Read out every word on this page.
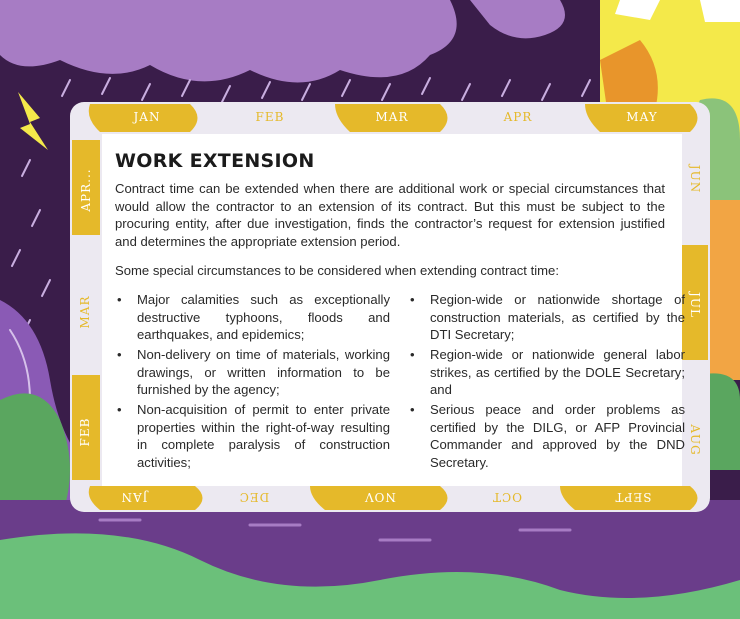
JAN	FEB	MAR	APR	MAY
JUN
JUL
AUG
SEPT
OCT
NOV
DEC
JAN
APR...
MAR
FEB
WORK EXTENSION
Contract time can be extended when there are additional work or special circumstances that would allow the contractor to an extension of its contract. But this must be subject to the procuring entity, after due investigation, finds the contractor’s request for extension justified and determines the appropriate extension period.
Some special circumstances to be considered when extending contract time:
• Major calamities such as exceptionally destructive typhoons, floods and earthquakes, and epidemics;
• Non-delivery on time of materials, working drawings, or written information to be furnished by the agency;
• Non-acquisition of permit to enter private properties within the right-of-way resulting in complete paralysis of construction activities;
• Region-wide or nationwide shortage of construction materials, as certified by the DTI Secretary;
• Region-wide or nationwide general labor strikes, as certified by the DOLE Secretary; and
• Serious peace and order problems as certified by the DILG, or AFP Provincial Commander and approved by the DND Secretary.
